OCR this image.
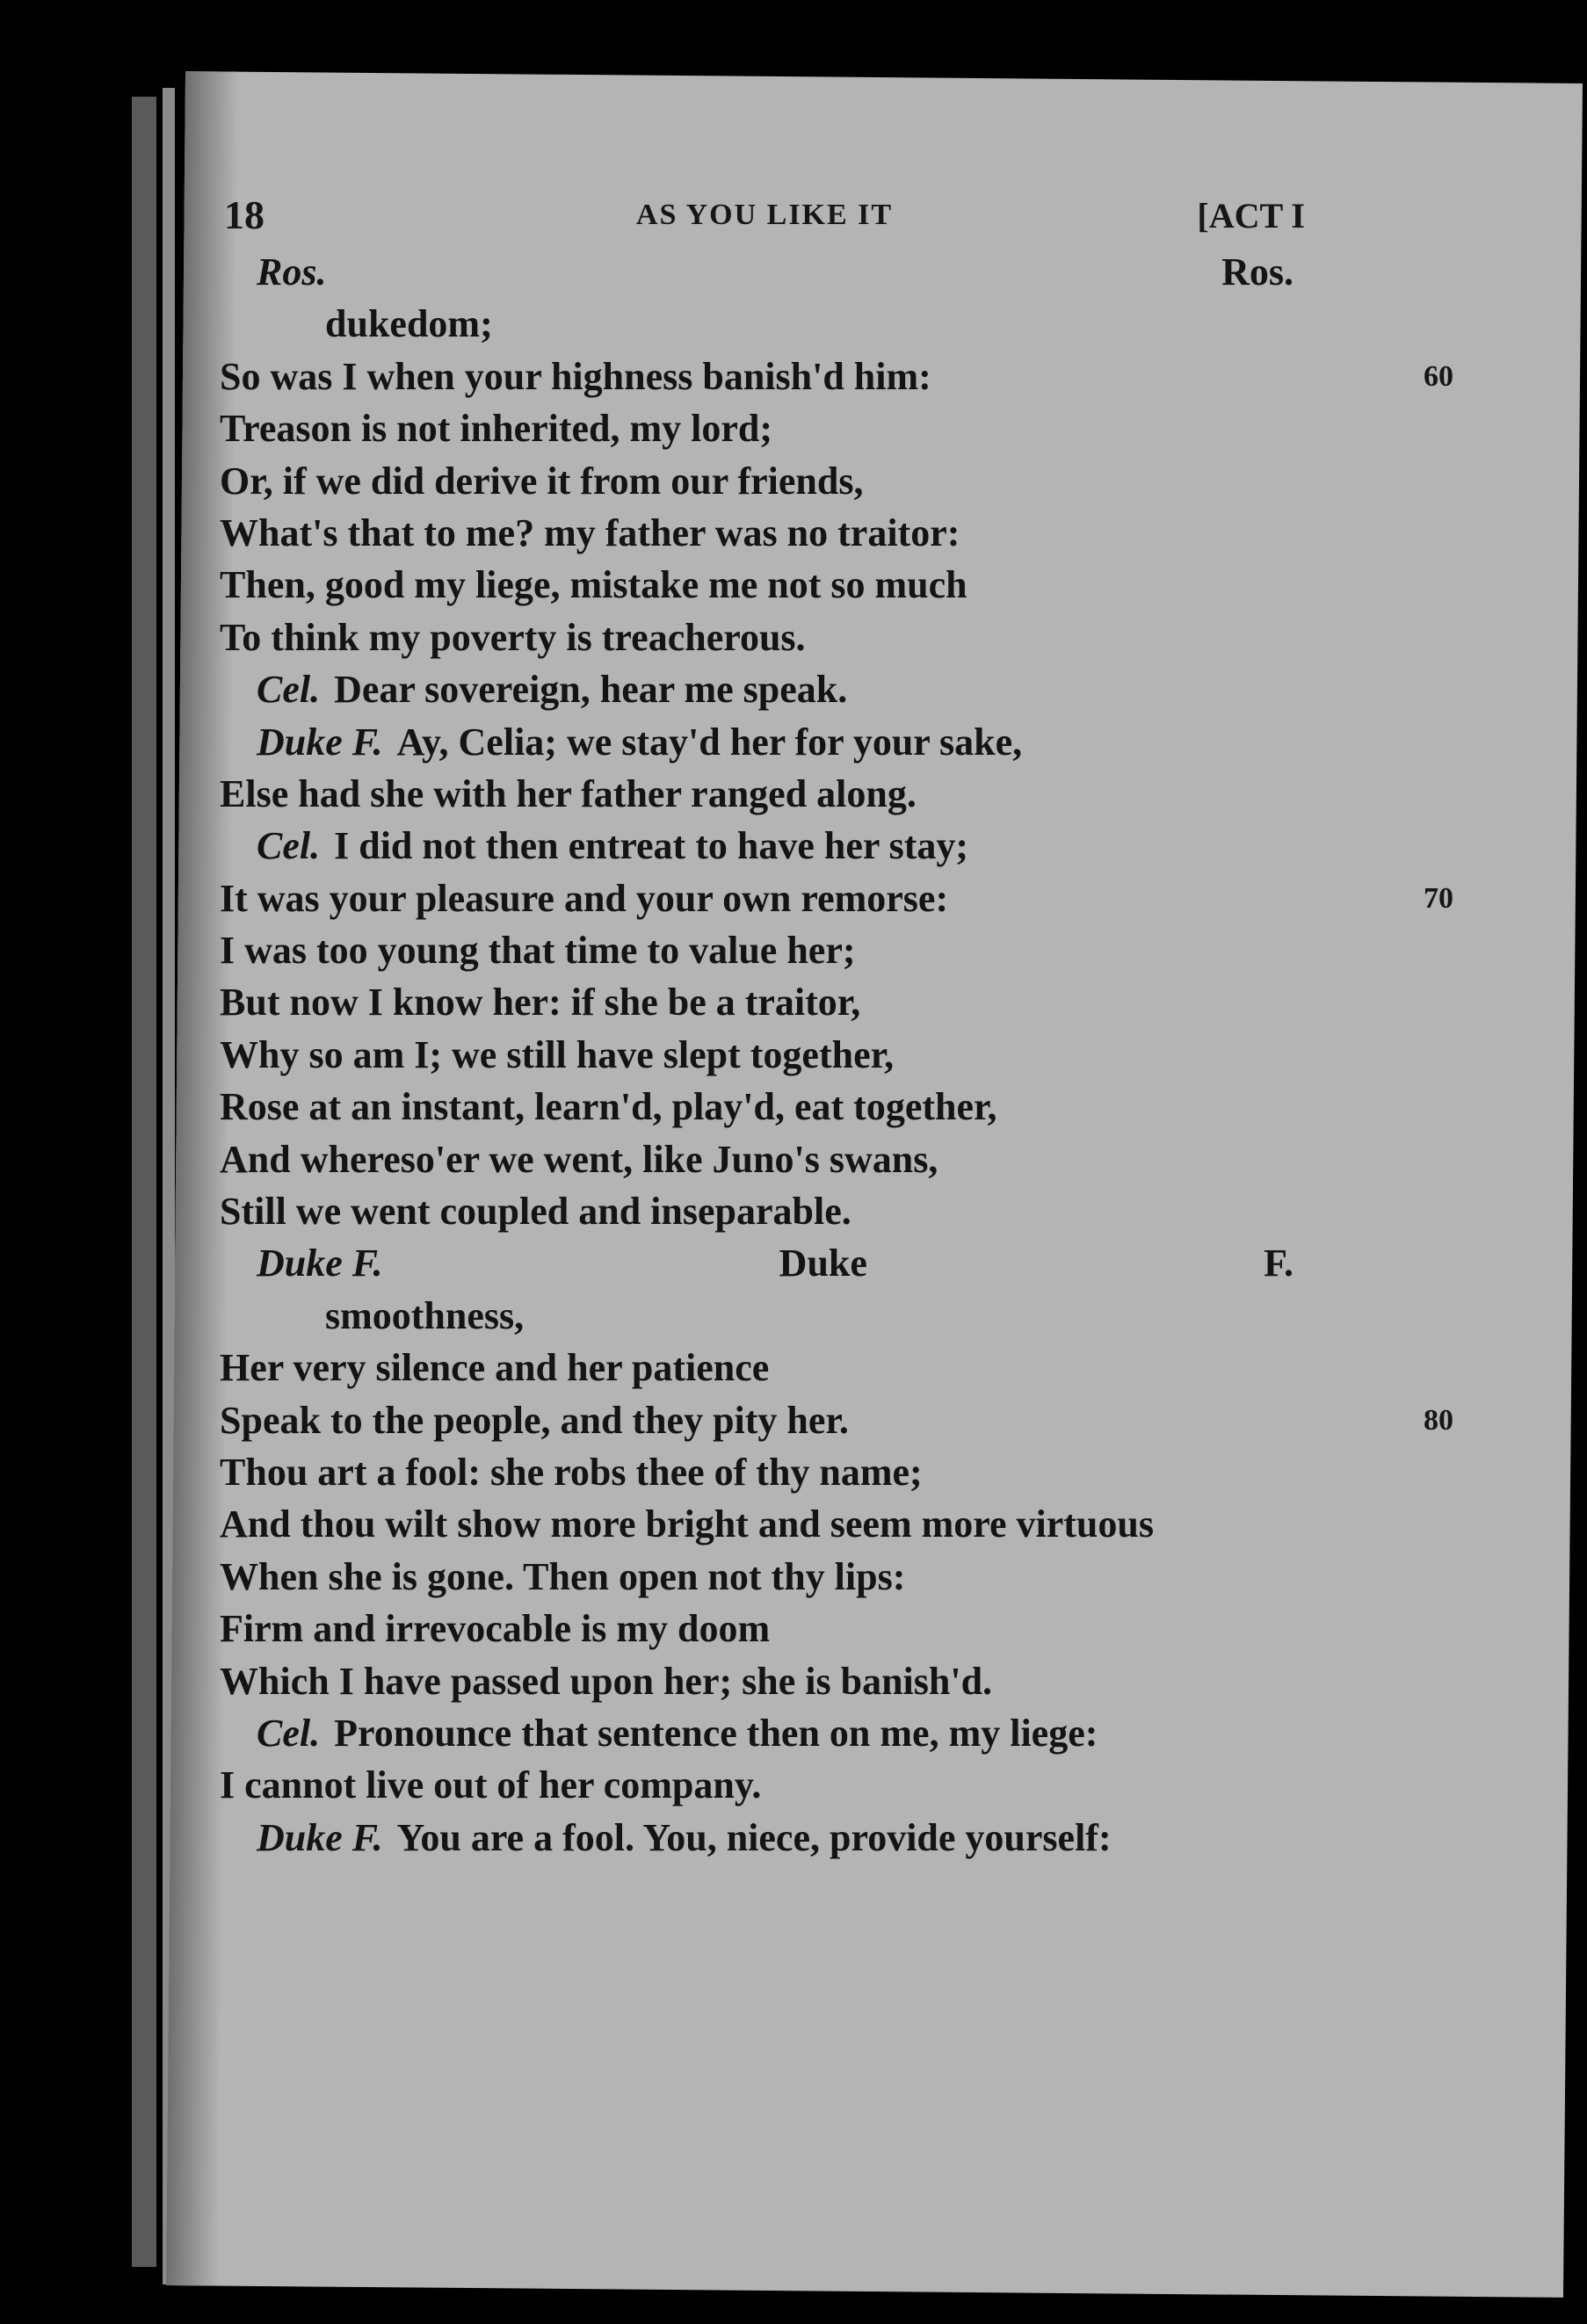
18	AS YOU LIKE IT	[ACT I
Ros.	Ros.
dukedom;
So was I when your highness banish'd him:	60
Treason is not inherited, my lord;
Or, if we did derive it from our friends,
What's that to me? my father was no traitor:
Then, good my liege, mistake me not so much
To think my poverty is treacherous.
Cel. Dear sovereign, hear me speak.
Duke F. Ay, Celia; we stay'd her for your sake,
Else had she with her father ranged along.
Cel. I did not then entreat to have her stay;
It was your pleasure and your own remorse:	70
I was too young that time to value her;
But now I know her: if she be a traitor,
Why so am I; we still have slept together,
Rose at an instant, learn'd, play'd, eat together,
And whereso'er we went, like Juno's swans,
Still we went coupled and inseparable.
Duke F.	Duke	F.
smoothness,
Her very silence and her patience
Speak to the people, and they pity her.	80
Thou art a fool: she robs thee of thy name;
And thou wilt show more bright and seem more virtuous
When she is gone. Then open not thy lips:
Firm and irrevocable is my doom
Which I have passed upon her; she is banish'd.
Cel. Pronounce that sentence then on me, my liege:
I cannot live out of her company.
Duke F. You are a fool. You, niece, provide yourself:
